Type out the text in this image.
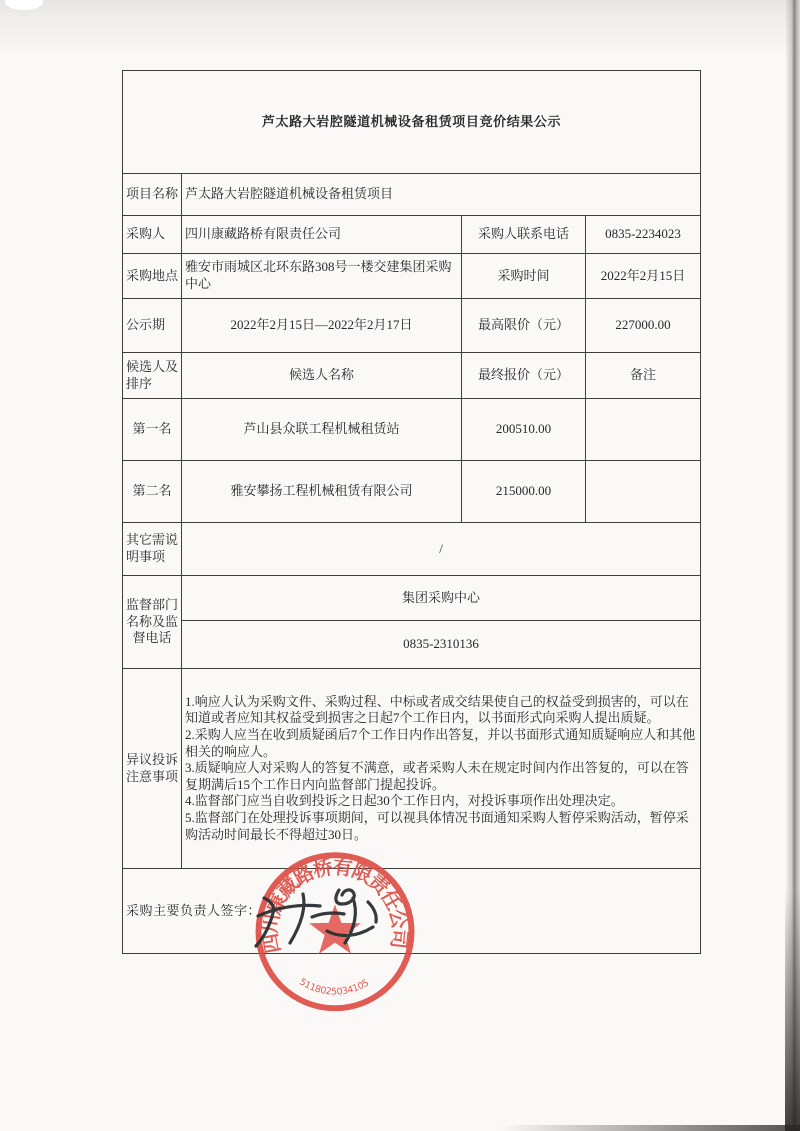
芦太路大岩腔隧道机械设备租赁项目竞价结果公示			
项目名称	芦太路大岩腔隧道机械设备租赁项目		
采购人	四川康藏路桥有限责任公司	采购人联系电话	0835-2234023
采购地点	雅安市雨城区北环东路308号一楼交建集团采购中心	采购时间	2022年2月15日
公示期	2022年2月15日—2022年2月17日	最高限价（元）	227000.00
候选人及排序	候选人名称	最终报价（元）	备注
第一名	芦山县众联工程机械租赁站	200510.00	
第二名	雅安攀扬工程机械租赁有限公司	215000.00	
其它需说明事项	/		
监督部门名称及监督电话	集团采购中心		
	0835-2310136		
异议投诉注意事项	1.响应人认为采购文件、采购过程、中标或者成交结果使自己的权益受到损害的，可以在知道或者应知其权益受到损害之日起7个工作日内，以书面形式向采购人提出质疑。
2.采购人应当在收到质疑函后7个工作日内作出答复，并以书面形式通知质疑响应人和其他相关的响应人。
3.质疑响应人对采购人的答复不满意，或者采购人未在规定时间内作出答复的，可以在答复期满后15个工作日内向监督部门提起投诉。
4.监督部门应当自收到投诉之日起30个工作日内，对投诉事项作出处理决定。
5.监督部门在处理投诉事项期间，可以视具体情况书面通知采购人暂停采购活动，暂停采购活动时间最长不得超过30日。		

采购主要负责人签字：			
四川康藏路桥有限责任公司
5118025034105
